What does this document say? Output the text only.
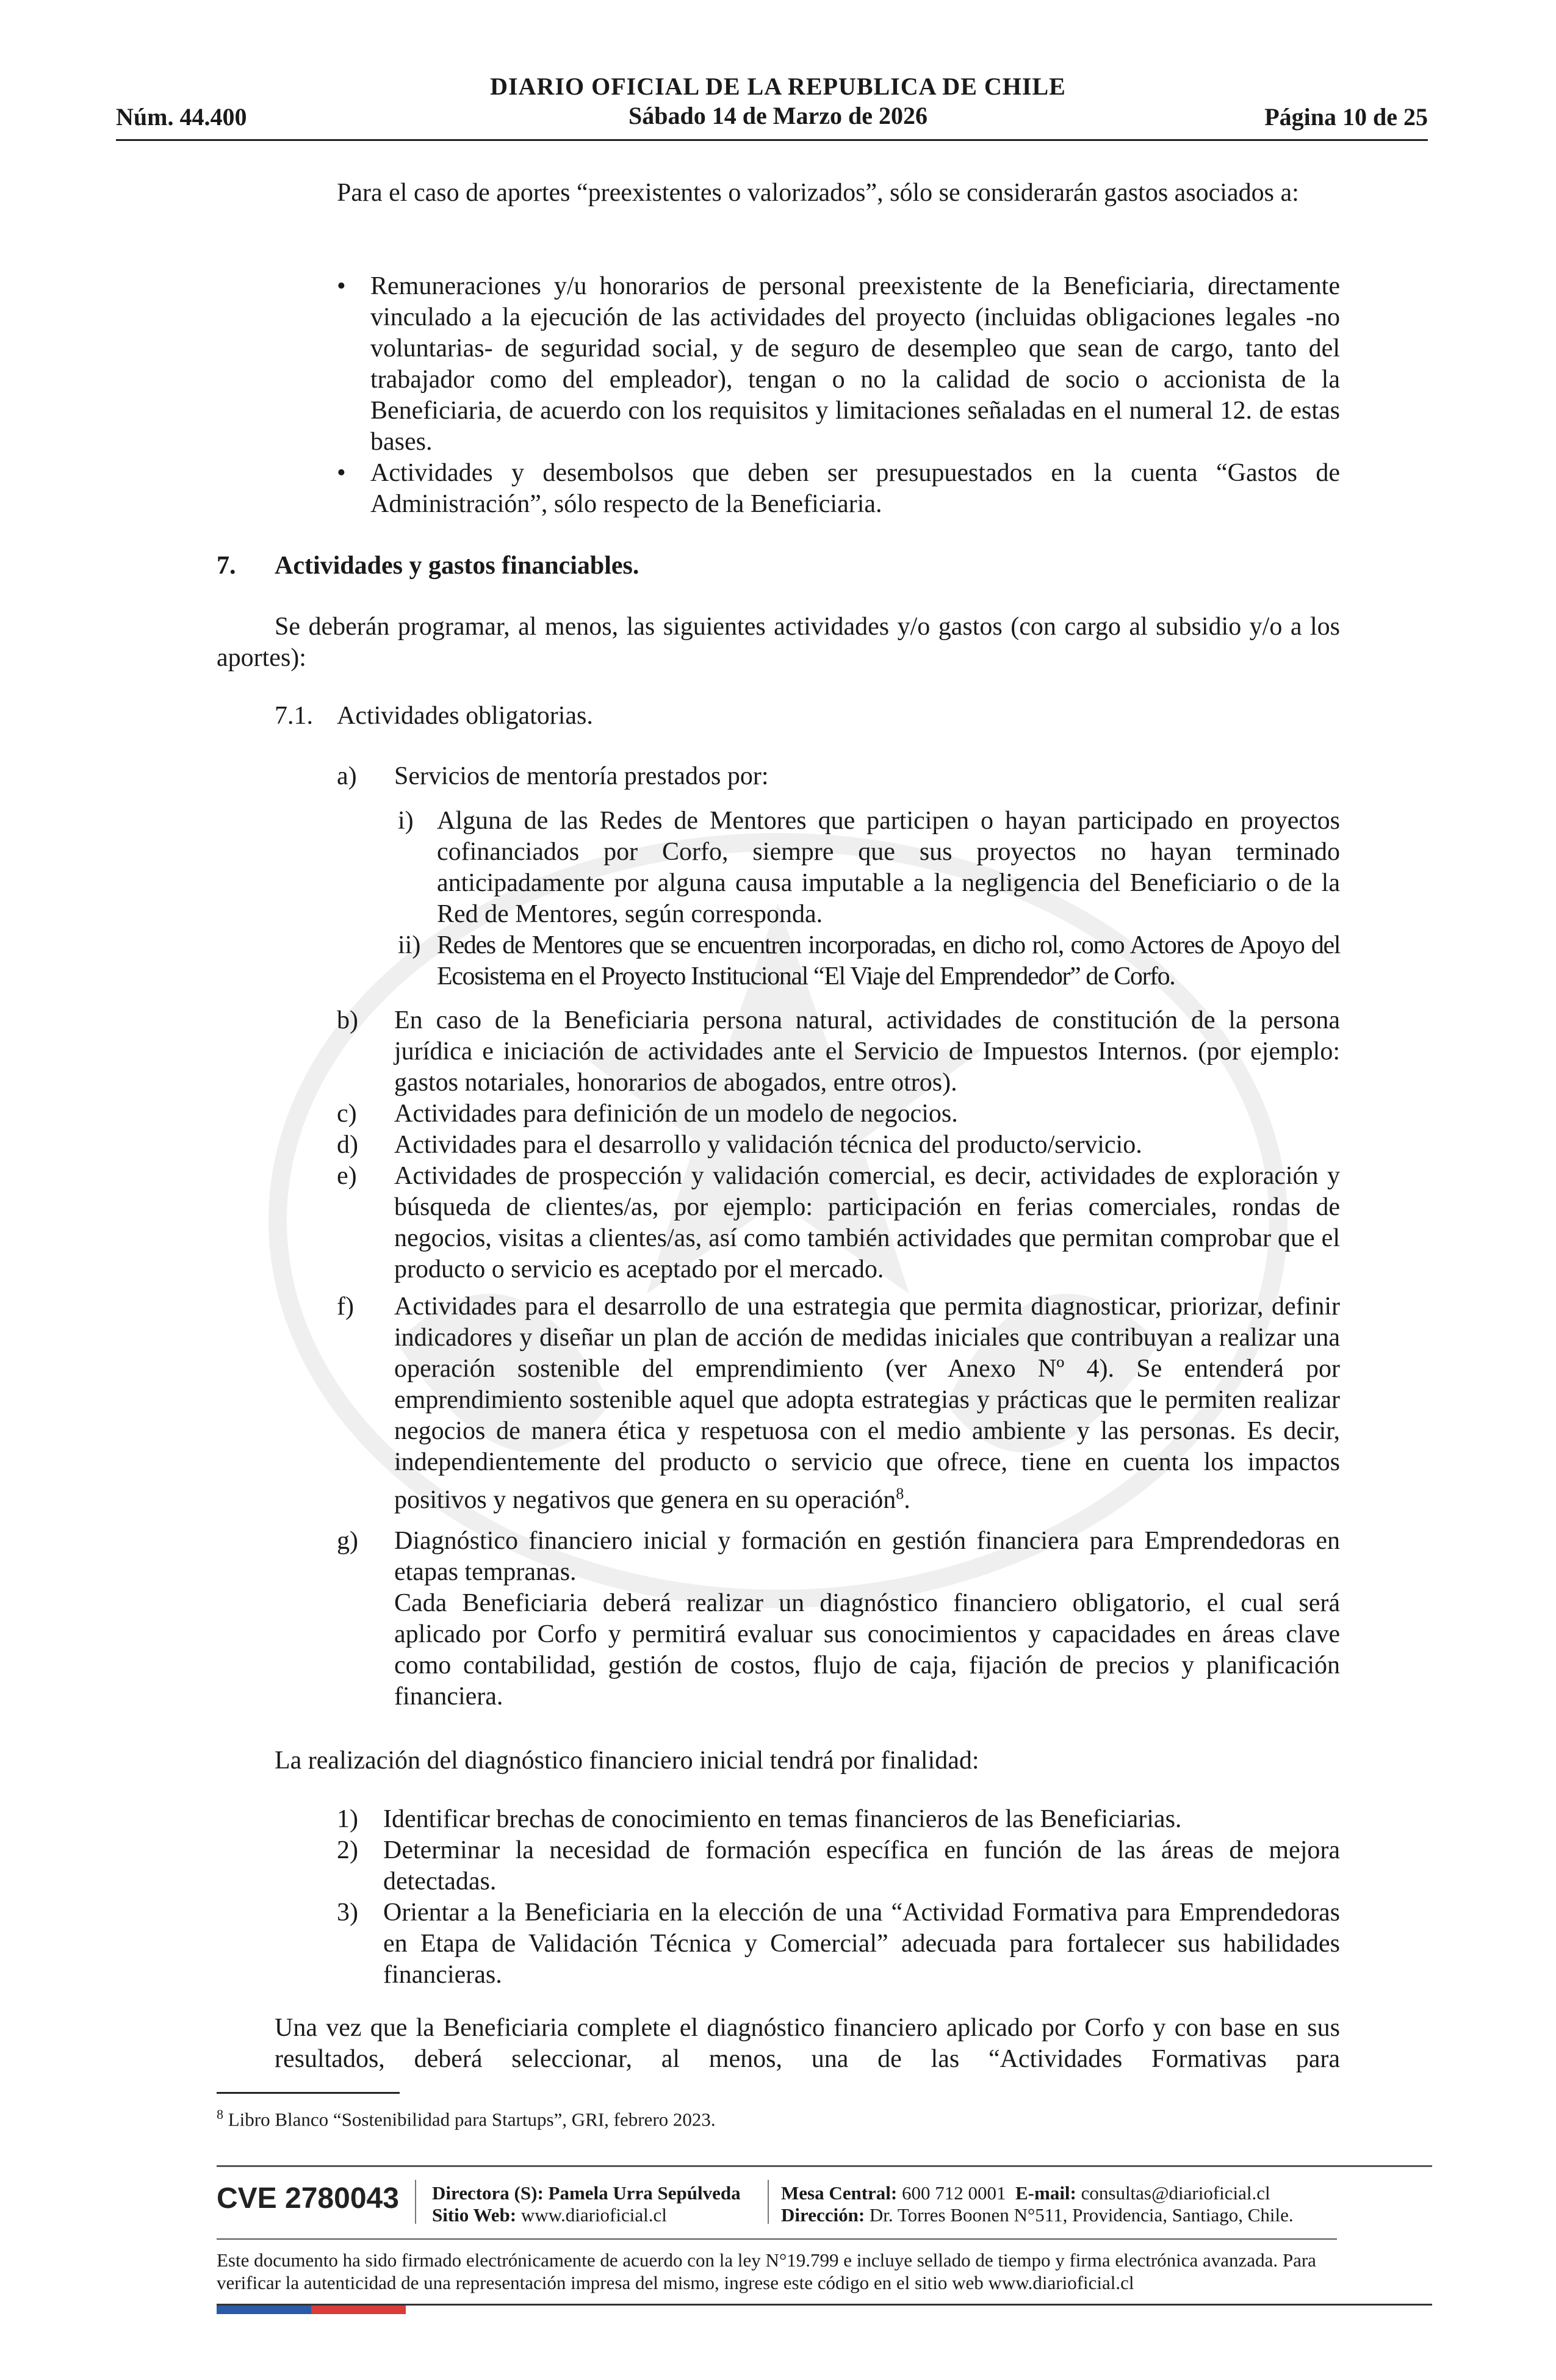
DIARIO OFICIAL DE LA REPUBLICA DE CHILE
Sábado 14 de Marzo de 2026
Núm. 44.400	Página 10 de 25
Para el caso de aportes “preexistentes o valorizados”, sólo se considerarán gastos asociados a:
• Remuneraciones y/u honorarios de personal preexistente de la Beneficiaria, directamente vinculado a la ejecución de las actividades del proyecto (incluidas obligaciones legales -no voluntarias- de seguridad social, y de seguro de desempleo que sean de cargo, tanto del trabajador como del empleador), tengan o no la calidad de socio o accionista de la Beneficiaria, de acuerdo con los requisitos y limitaciones señaladas en el numeral 12. de estas bases.
• Actividades y desembolsos que deben ser presupuestados en la cuenta “Gastos de Administración”, sólo respecto de la Beneficiaria.
7. Actividades y gastos financiables.
Se deberán programar, al menos, las siguientes actividades y/o gastos (con cargo al subsidio y/o a los aportes):
7.1. Actividades obligatorias.
a) Servicios de mentoría prestados por:
i) Alguna de las Redes de Mentores que participen o hayan participado en proyectos cofinanciados por Corfo, siempre que sus proyectos no hayan terminado anticipadamente por alguna causa imputable a la negligencia del Beneficiario o de la Red de Mentores, según corresponda.
ii) Redes de Mentores que se encuentren incorporadas, en dicho rol, como Actores de Apoyo del Ecosistema en el Proyecto Institucional “El Viaje del Emprendedor” de Corfo.
b) En caso de la Beneficiaria persona natural, actividades de constitución de la persona jurídica e iniciación de actividades ante el Servicio de Impuestos Internos. (por ejemplo: gastos notariales, honorarios de abogados, entre otros).
c) Actividades para definición de un modelo de negocios.
d) Actividades para el desarrollo y validación técnica del producto/servicio.
e) Actividades de prospección y validación comercial, es decir, actividades de exploración y búsqueda de clientes/as, por ejemplo: participación en ferias comerciales, rondas de negocios, visitas a clientes/as, así como también actividades que permitan comprobar que el producto o servicio es aceptado por el mercado.
f) Actividades para el desarrollo de una estrategia que permita diagnosticar, priorizar, definir indicadores y diseñar un plan de acción de medidas iniciales que contribuyan a realizar una operación sostenible del emprendimiento (ver Anexo Nº 4). Se entenderá por emprendimiento sostenible aquel que adopta estrategias y prácticas que le permiten realizar negocios de manera ética y respetuosa con el medio ambiente y las personas. Es decir, independientemente del producto o servicio que ofrece, tiene en cuenta los impactos positivos y negativos que genera en su operación$^8$.
g) Diagnóstico financiero inicial y formación en gestión financiera para Emprendedoras en etapas tempranas.
Cada Beneficiaria deberá realizar un diagnóstico financiero obligatorio, el cual será aplicado por Corfo y permitirá evaluar sus conocimientos y capacidades en áreas clave como contabilidad, gestión de costos, flujo de caja, fijación de precios y planificación financiera.
La realización del diagnóstico financiero inicial tendrá por finalidad:
1) Identificar brechas de conocimiento en temas financieros de las Beneficiarias.
2) Determinar la necesidad de formación específica en función de las áreas de mejora detectadas.
3) Orientar a la Beneficiaria en la elección de una “Actividad Formativa para Emprendedoras en Etapa de Validación Técnica y Comercial” adecuada para fortalecer sus habilidades financieras.
Una vez que la Beneficiaria complete el diagnóstico financiero aplicado por Corfo y con base en sus resultados, deberá seleccionar, al menos, una de las “Actividades Formativas para
$^8$ Libro Blanco “Sostenibilidad para Startups”, GRI, febrero 2023.
CVE 2780043 Directora (S): Pamela Urra Sepúlveda
Sitio Web: www.diarioficial.cl
Mesa Central: 600 712 0001 E-mail: consultas@diarioficial.cl
Dirección: Dr. Torres Boonen N°511, Providencia, Santiago, Chile.
Este documento ha sido firmado electrónicamente de acuerdo con la ley N°19.799 e incluye sellado de tiempo y firma electrónica avanzada. Para verificar la autenticidad de una representación impresa del mismo, ingrese este código en el sitio web www.diarioficial.cl
